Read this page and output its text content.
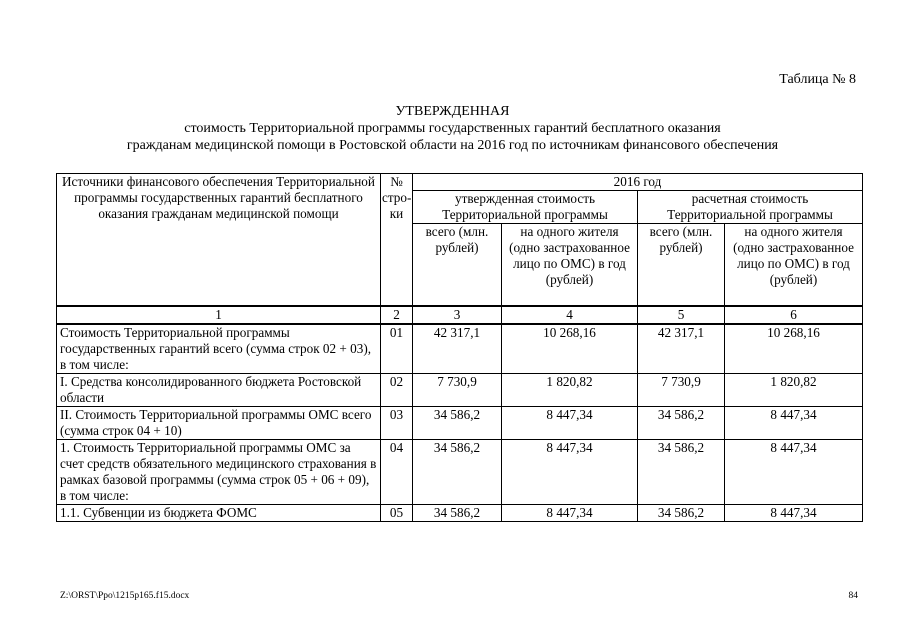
Таблица № 8
УТВЕРЖДЕННАЯ
стоимость Территориальной программы государственных гарантий бесплатного оказания
гражданам медицинской помощи в Ростовской области на 2016 год по источникам финансового обеспечения
Источники финансового обеспечения Территориальной программы государственных гарантий бесплатного оказания гражданам медицинской помощи	№ стро-ки	2016 год			
		утвержденная стоимость Территориальной программы		расчетная стоимость Территориальной программы	
		всего (млн. рублей)	на одного жителя (одно застрахованное лицо по ОМС) в год (рублей)	всего (млн. рублей)	на одного жителя (одно застрахованное лицо по ОМС) в год (рублей)
1	2	3	4	5	6
Стоимость Территориальной программы государственных гарантий всего (сумма строк 02 + 03), в том числе:	01	42 317,1	10 268,16	42 317,1	10 268,16
I. Средства консолидированного бюджета Ростовской области	02	7 730,9	1 820,82	7 730,9	1 820,82
II. Стоимость Территориальной программы ОМС всего (сумма строк 04 + 10)	03	34 586,2	8 447,34	34 586,2	8 447,34
1. Стоимость Территориальной программы ОМС за счет средств обязательного медицинского страхования в рамках базовой программы (сумма строк 05 + 06 + 09), в том числе:	04	34 586,2	8 447,34	34 586,2	8 447,34
1.1. Субвенции из бюджета ФОМС	05	34 586,2	8 447,34	34 586,2	8 447,34
Z:\ORST\Ppo\1215p165.f15.docx	84
